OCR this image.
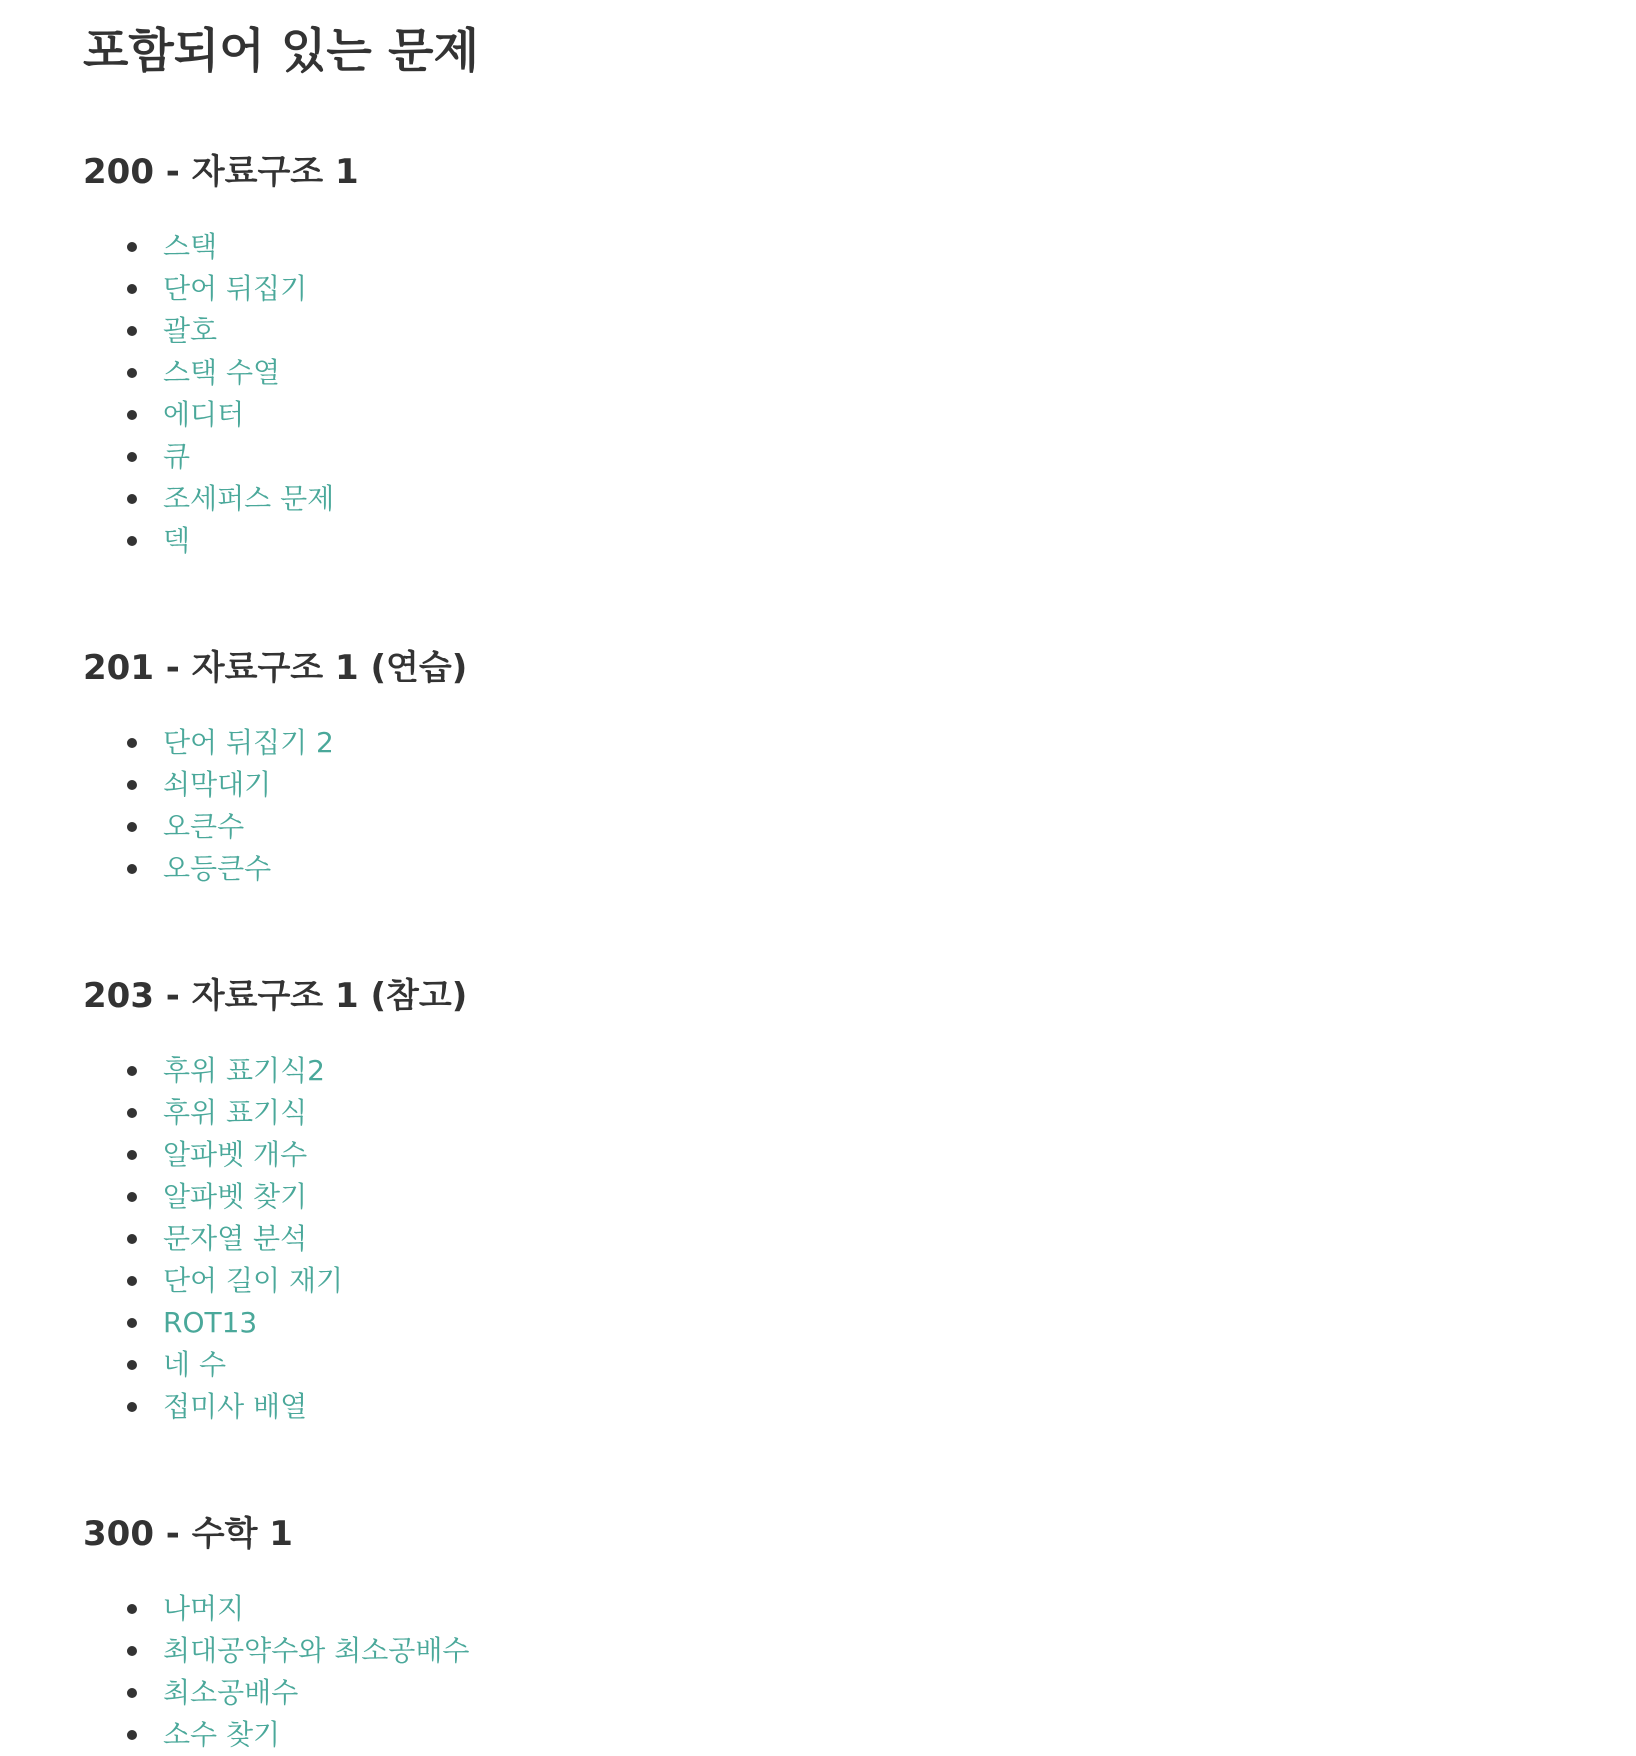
포함되어 있는 문제
200 - 자료구조 1
스택
단어 뒤집기
괄호
스택 수열
에디터
큐
조세퍼스 문제
덱
201 - 자료구조 1 (연습)
단어 뒤집기 2
쇠막대기
오큰수
오등큰수
203 - 자료구조 1 (참고)
후위 표기식2
후위 표기식
알파벳 개수
알파벳 찾기
문자열 분석
단어 길이 재기
ROT13
네 수
접미사 배열
300 - 수학 1
나머지
최대공약수와 최소공배수
최소공배수
소수 찾기
